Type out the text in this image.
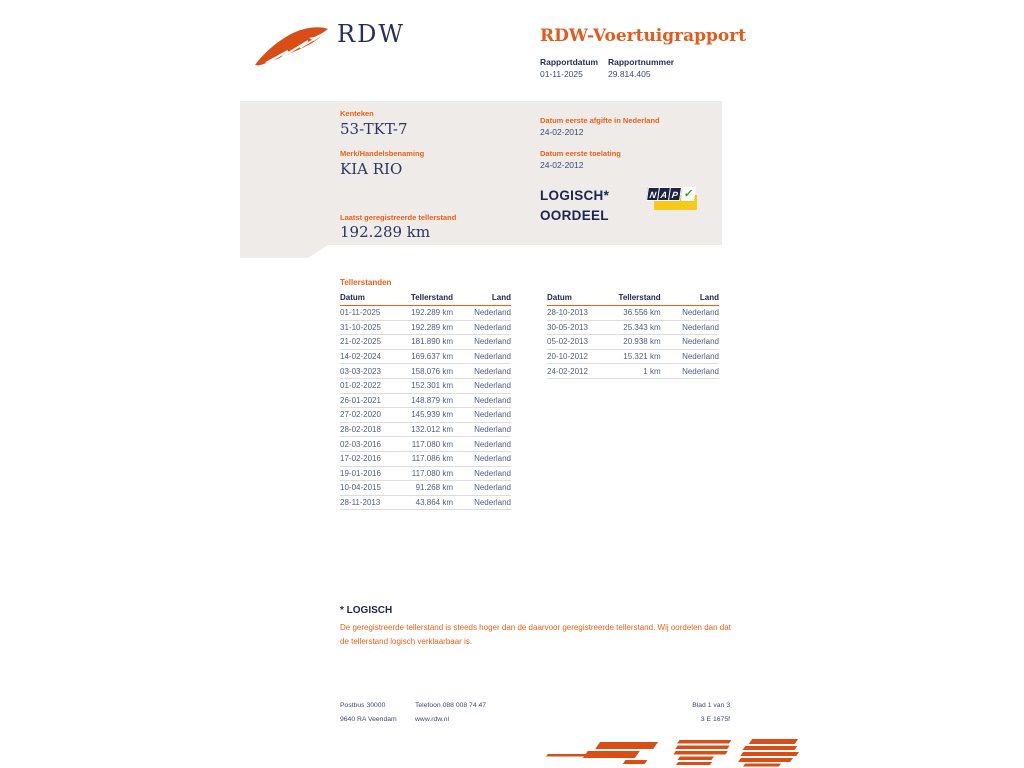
RDW	RDW-Voertuigrapport
Rapportdatum Rapportnummer
01-11-2025	29.814.405
Kenteken
53-TKT-7
Merk/Handelsbenaming
KIA RIO
Laatst geregistreerde tellerstand
192.289 km
Datum eerste afgifte in Nederland
24-02-2012
Datum eerste toelating
24-02-2012
LOGISCH*
OORDEEL
N A P ✓
Tellerstanden
Datum	Tellerstand	Land
01-11-2025	192.289 km	Nederland
31-10-2025	192.289 km	Nederland
21-02-2025	181.890 km	Nederland
14-02-2024	169.637 km	Nederland
03-03-2023	158.076 km	Nederland
01-02-2022	152.301 km	Nederland
26-01-2021	148.879 km	Nederland
27-02-2020	145.939 km	Nederland
28-02-2018	132.012 km	Nederland
02-03-2016	117.080 km	Nederland
17-02-2016	117.086 km	Nederland
19-01-2016	117.080 km	Nederland
10-04-2015	91.268 km	Nederland
28-11-2013	43.864 km	Nederland
Datum	Tellerstand	Land
28-10-2013	36.556 km	Nederland
30-05-2013	25.343 km	Nederland
05-02-2013	20.938 km	Nederland
20-10-2012	15.321 km	Nederland
24-02-2012	1 km	Nederland
* LOGISCH
De geregistreerde tellerstand is steeds hoger dan de daarvoor geregistreerde tellerstand. Wij oordelen dan dat de tellerstand logisch verklaarbaar is.
Postbus 30000
9640 RA Veendam
Telefoon 088 008 74 47
www.rdw.nl
Blad 1 van 3
3 E 1675f
